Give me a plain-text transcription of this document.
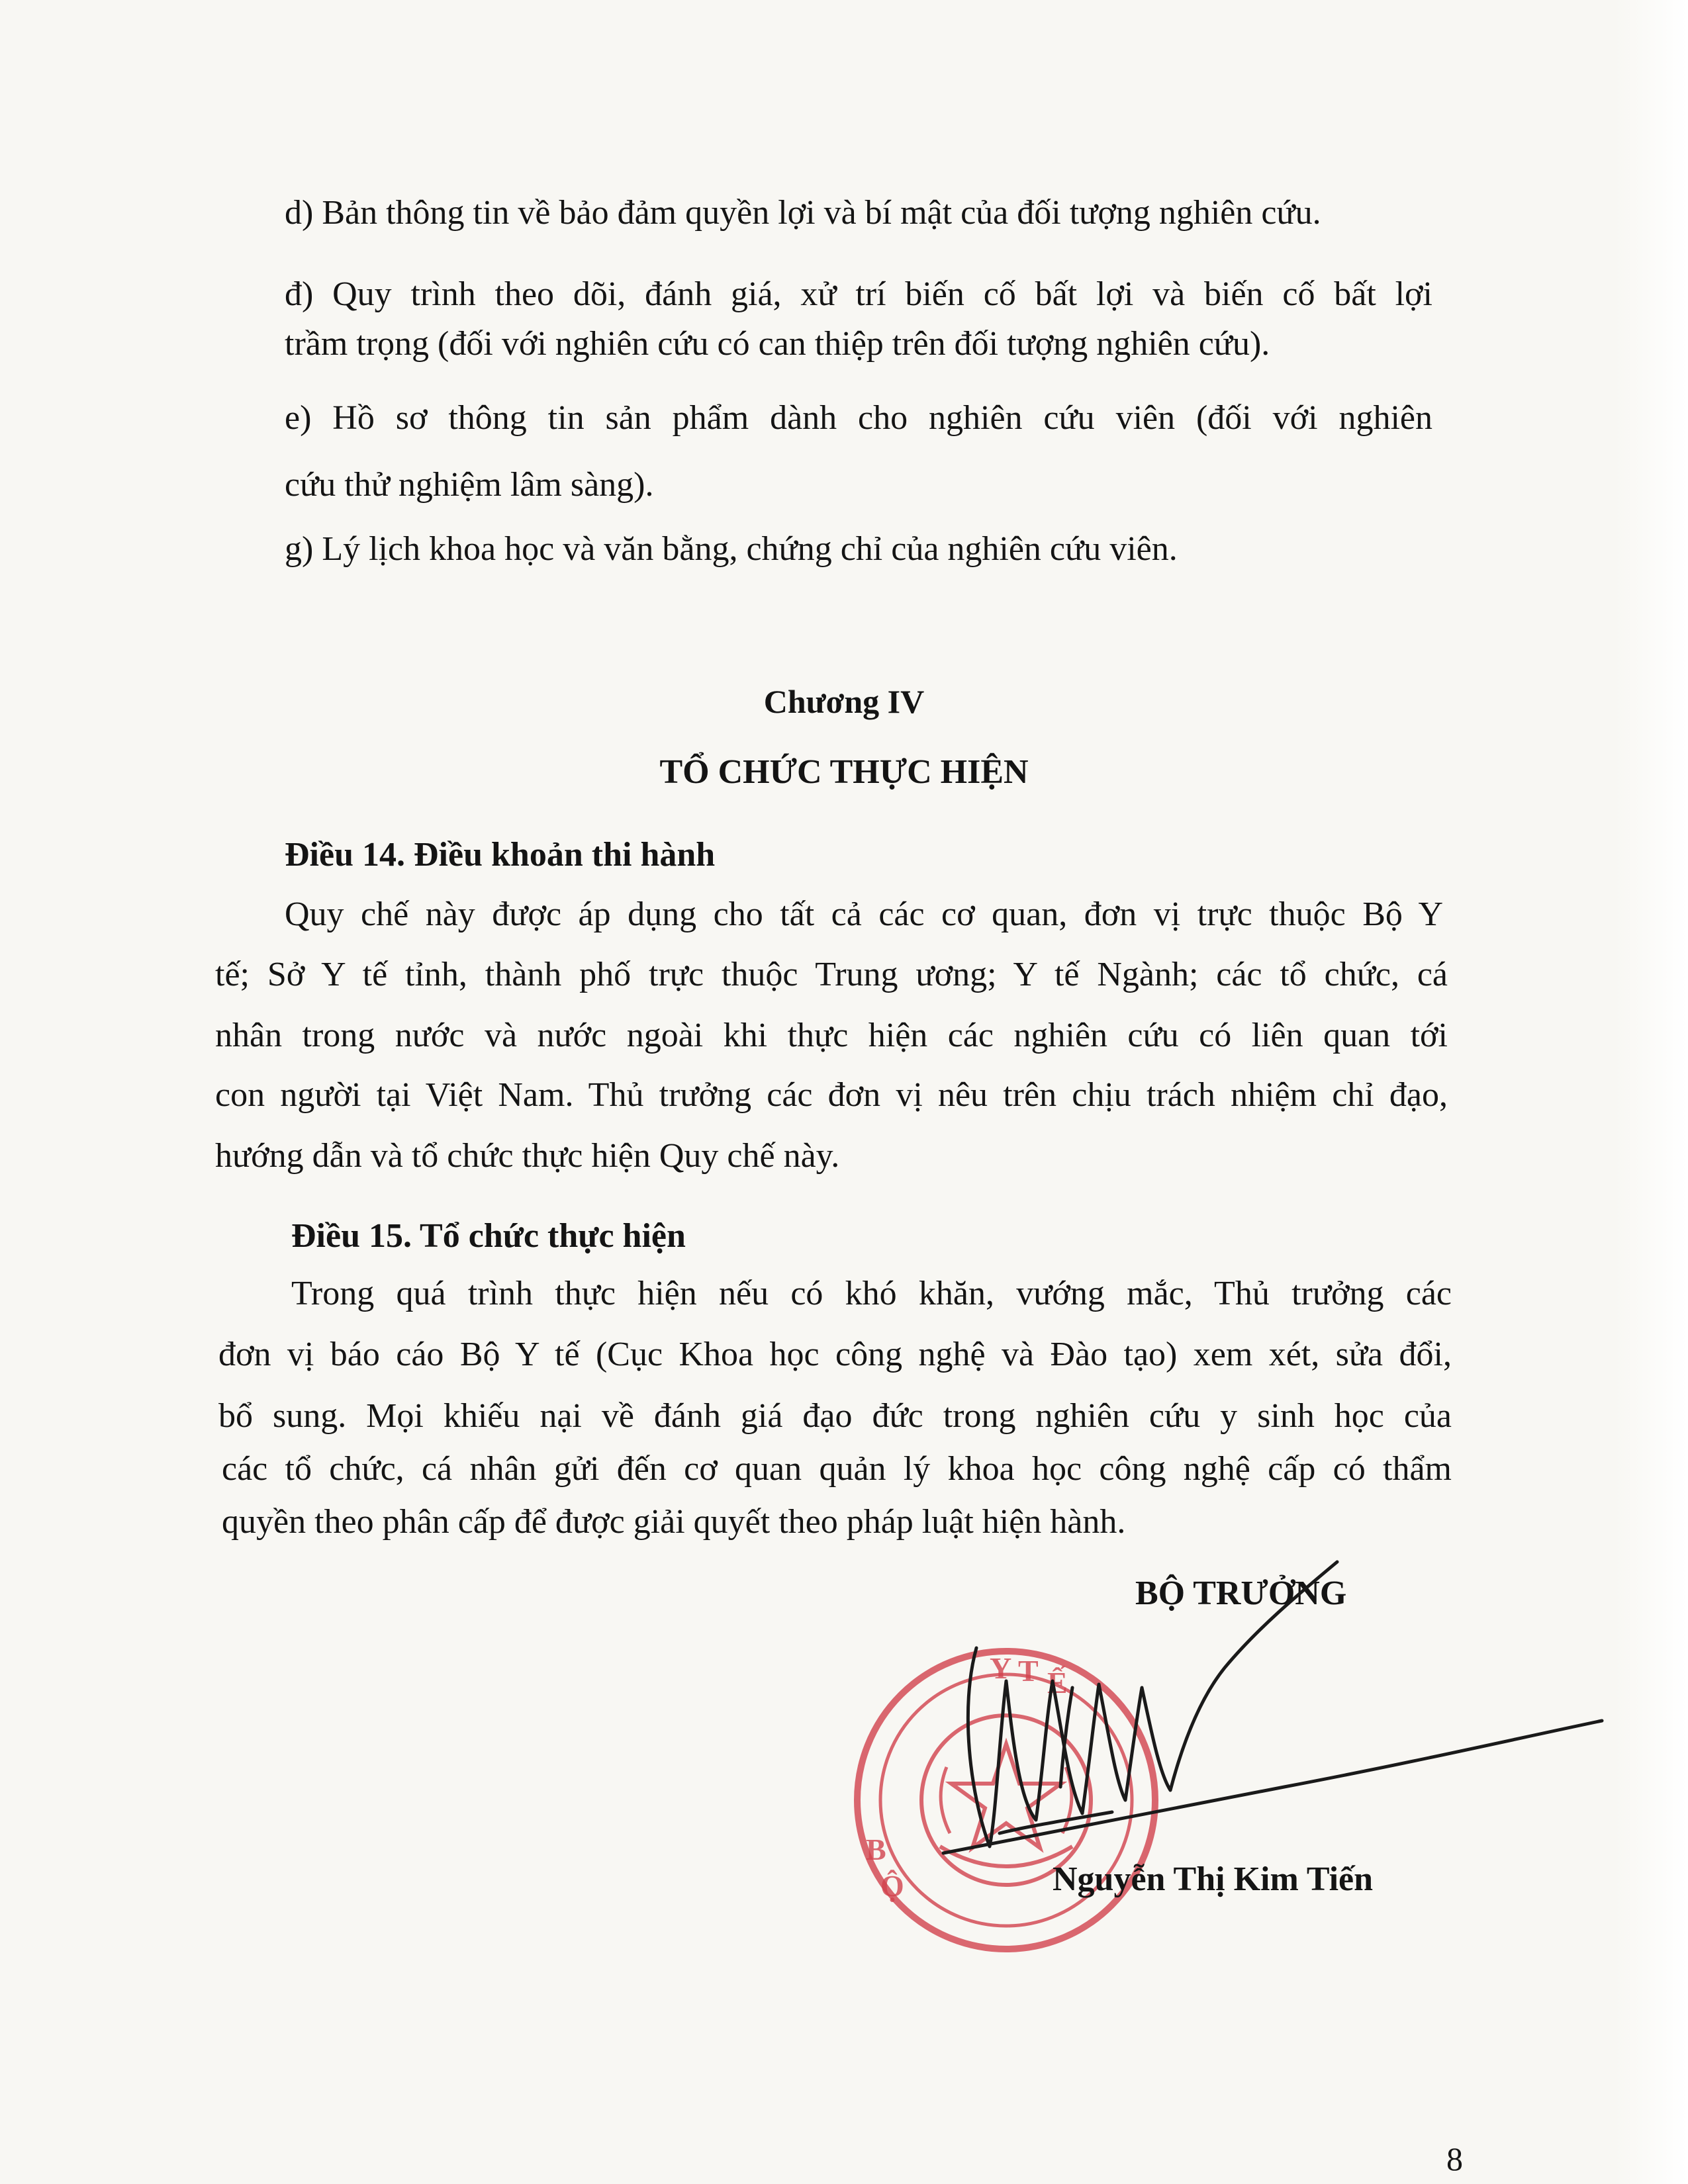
d) Bản thông tin về bảo đảm quyền lợi và bí mật của đối tượng nghiên cứu.
đ) Quy trình theo dõi, đánh giá, xử trí biến cố bất lợi và biến cố bất lợi
trầm trọng (đối với nghiên cứu có can thiệp trên đối tượng nghiên cứu).
e) Hồ sơ thông tin sản phẩm dành cho nghiên cứu viên (đối với nghiên
cứu thử nghiệm lâm sàng).
g) Lý lịch khoa học và văn bằng, chứng chỉ của nghiên cứu viên.
Chương IV
TỔ CHỨC THỰC HIỆN
Điều 14. Điều khoản thi hành
Quy chế này được áp dụng cho tất cả các cơ quan, đơn vị trực thuộc Bộ Y
tế; Sở Y tế tỉnh, thành phố trực thuộc Trung ương; Y tế Ngành; các tổ chức, cá
nhân trong nước và nước ngoài khi thực hiện các nghiên cứu có liên quan tới
con người tại Việt Nam. Thủ trưởng các đơn vị nêu trên chịu trách nhiệm chỉ đạo,
hướng dẫn và tổ chức thực hiện Quy chế này.
Điều 15. Tổ chức thực hiện
Trong quá trình thực hiện nếu có khó khăn, vướng mắc, Thủ trưởng các
đơn vị báo cáo Bộ Y tế (Cục Khoa học công nghệ và Đào tạo) xem xét, sửa đổi,
bổ sung. Mọi khiếu nại về đánh giá đạo đức trong nghiên cứu y sinh học của
các tổ chức, cá nhân gửi đến cơ quan quản lý khoa học công nghệ cấp có thẩm
quyền theo phân cấp để được giải quyết theo pháp luật hiện hành.
BỘ TRƯỞNG
Y T Ế
B
Ộ	Nguyễn Thị Kim Tiến
8
